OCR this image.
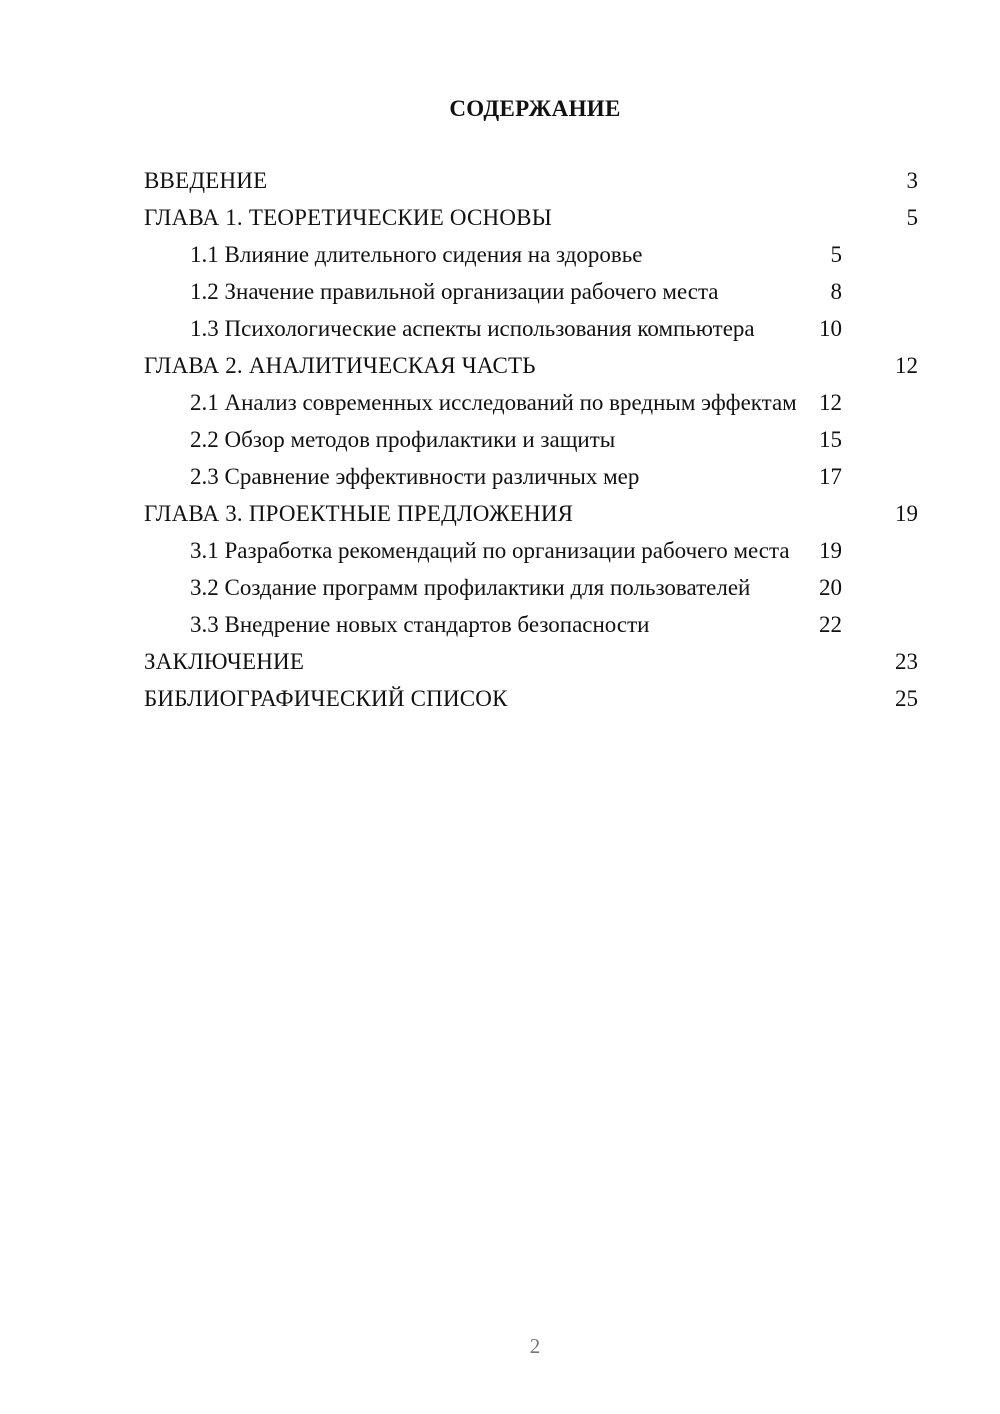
СОДЕРЖАНИЕ
ВВЕДЕНИЕ	3
ГЛАВА 1. ТЕОРЕТИЧЕСКИЕ ОСНОВЫ	5
1.1 Влияние длительного сидения на здоровье	5
1.2 Значение правильной организации рабочего места	8
1.3 Психологические аспекты использования компьютера	10
ГЛАВА 2. АНАЛИТИЧЕСКАЯ ЧАСТЬ	12
2.1 Анализ современных исследований по вредным эффектам 12
2.2 Обзор методов профилактики и защиты	15
2.3 Сравнение эффективности различных мер	17
ГЛАВА 3. ПРОЕКТНЫЕ ПРЕДЛОЖЕНИЯ	19
3.1 Разработка рекомендаций по организации рабочего места	19
3.2 Создание программ профилактики для пользователей	20
3.3 Внедрение новых стандартов безопасности	22
ЗАКЛЮЧЕНИЕ	23
БИБЛИОГРАФИЧЕСКИЙ СПИСОК	25
2
